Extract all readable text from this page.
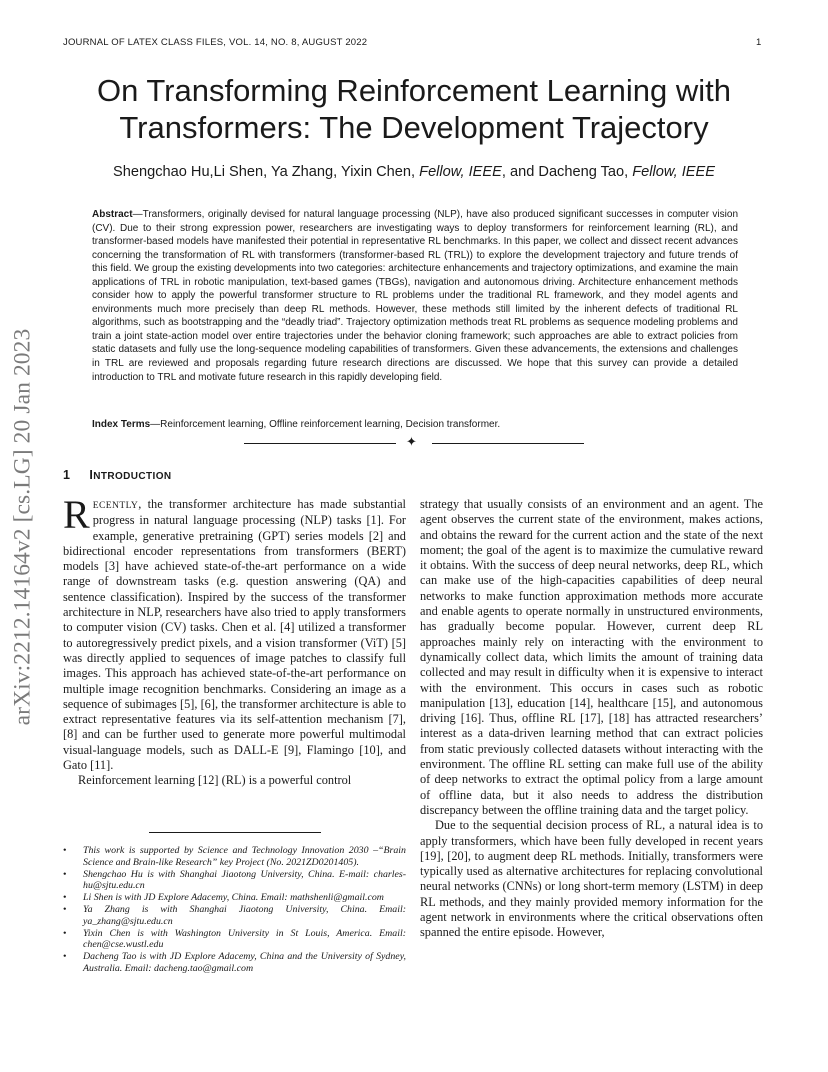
JOURNAL OF LATEX CLASS FILES, VOL. 14, NO. 8, AUGUST 2022	1
arXiv:2212.14164v2 [cs.LG] 20 Jan 2023
On Transforming Reinforcement Learning with Transformers: The Development Trajectory
Shengchao Hu,Li Shen, Ya Zhang, Yixin Chen, Fellow, IEEE, and Dacheng Tao, Fellow, IEEE
Abstract—Transformers, originally devised for natural language processing (NLP), have also produced significant successes in computer vision (CV). Due to their strong expression power, researchers are investigating ways to deploy transformers for reinforcement learning (RL), and transformer-based models have manifested their potential in representative RL benchmarks. In this paper, we collect and dissect recent advances concerning the transformation of RL with transformers (transformer-based RL (TRL)) to explore the development trajectory and future trends of this field. We group the existing developments into two categories: architecture enhancements and trajectory optimizations, and examine the main applications of TRL in robotic manipulation, text-based games (TBGs), navigation and autonomous driving. Architecture enhancement methods consider how to apply the powerful transformer structure to RL problems under the traditional RL framework, and they model agents and environments much more precisely than deep RL methods. However, these methods still limited by the inherent defects of traditional RL algorithms, such as bootstrapping and the “deadly triad”. Trajectory optimization methods treat RL problems as sequence modeling problems and train a joint state-action model over entire trajectories under the behavior cloning framework; such approaches are able to extract policies from static datasets and fully use the long-sequence modeling capabilities of transformers. Given these advancements, the extensions and challenges in TRL are reviewed and proposals regarding future research directions are discussed. We hope that this survey can provide a detailed introduction to TRL and motivate future research in this rapidly developing field.
Index Terms—Reinforcement learning, Offline reinforcement learning, Decision transformer.
✦
1 INTRODUCTION

RECENTLY, the transformer architecture has made substantial progress in natural language processing (NLP) tasks [1]. For example, generative pretraining (GPT) series models [2] and bidirectional encoder representations from transformers (BERT) models [3] have achieved state-of-the-art performance on a wide range of downstream tasks (e.g. question answering (QA) and sentence classification). Inspired by the success of the transformer architecture in NLP, researchers have also tried to apply transformers to computer vision (CV) tasks. Chen et al. [4] utilized a transformer to autoregressively predict pixels, and a vision transformer (ViT) [5] was directly applied to sequences of image patches to classify full images. This approach has achieved state-of-the-art performance on multiple image recognition benchmarks. Considering an image as a sequence of subimages [5], [6], the transformer architecture is able to extract representative features via its self-attention mechanism [7], [8] and can be further used to generate more powerful multimodal visual-language models, such as DALL-E [9], Flamingo [10], and Gato [11].

Reinforcement learning [12] (RL) is a powerful control

• This work is supported by Science and Technology Innovation 2030 –“Brain Science and Brain-like Research” key Project (No. 2021ZD0201405).
• Shengchao Hu is with Shanghai Jiaotong University, China. E-mail: charles-hu@sjtu.edu.cn
• Li Shen is with JD Explore Adacemy, China. Email: mathshenli@gmail.com
• Ya Zhang is with Shanghai Jiaotong University, China. Email: ya_zhang@sjtu.edu.cn
• Yixin Chen is with Washington University in St Louis, America. Email: chen@cse.wustl.edu
• Dacheng Tao is with JD Explore Adacemy, China and the University of Sydney, Australia. Email: dacheng.tao@gmail.com

strategy that usually consists of an environment and an agent. The agent observes the current state of the environment, makes actions, and obtains the reward for the current action and the state of the next moment; the goal of the agent is to maximize the cumulative reward it obtains. With the success of deep neural networks, deep RL, which can make use of the high-capacities capabilities of deep neural networks to make function approximation methods more accurate and enable agents to operate normally in unstructured environments, has gradually become popular. However, current deep RL approaches mainly rely on interacting with the environment to dynamically collect data, which limits the amount of training data collected and may result in difficulty when it is expensive to interact with the environment. This occurs in cases such as robotic manipulation [13], education [14], healthcare [15], and autonomous driving [16]. Thus, offline RL [17], [18] has attracted researchers’ interest as a data-driven learning method that can extract policies from static previously collected datasets without interacting with the environment. The offline RL setting can make full use of the ability of deep networks to extract the optimal policy from a large amount of offline data, but it also needs to address the distribution discrepancy between the offline training data and the target policy.

Due to the sequential decision process of RL, a natural idea is to apply transformers, which have been fully developed in recent years [19], [20], to augment deep RL methods. Initially, transformers were typically used as alternative architectures for replacing convolutional neural networks (CNNs) or long short-term memory (LSTM) in deep RL methods, and they mainly provided memory information for the agent network in environments where the critical observations often spanned the entire episode. However,
